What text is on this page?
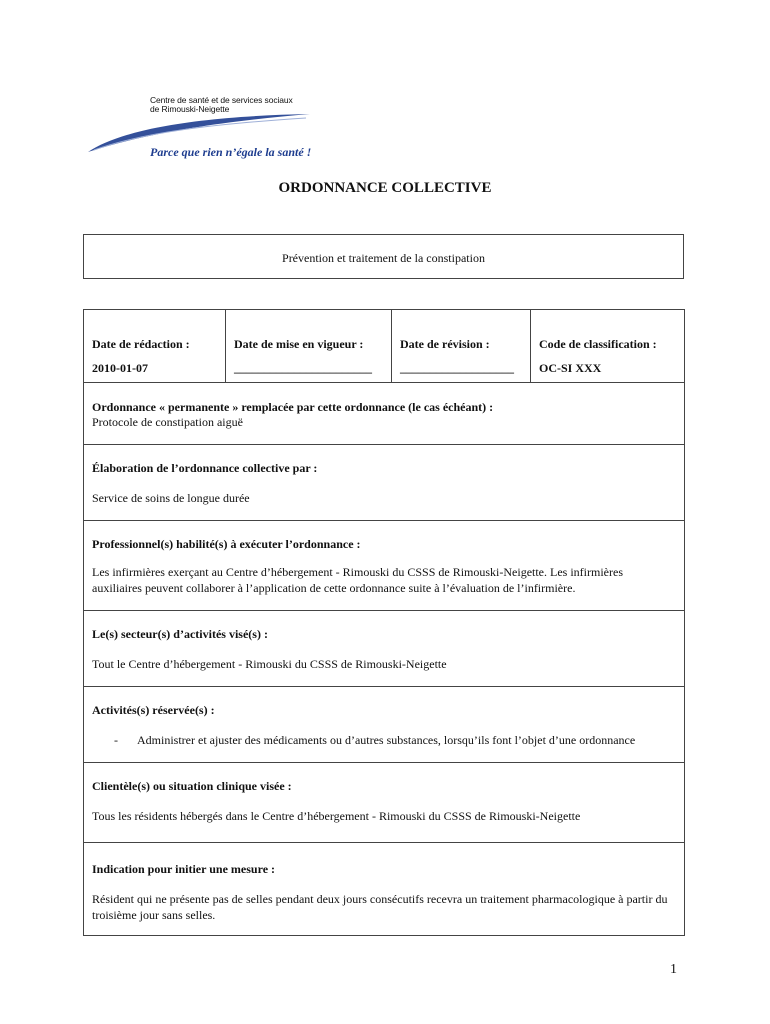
Centre de santé et de services sociaux
de Rimouski-Neigette
Parce que rien n’égale la santé !
ORDONNANCE COLLECTIVE
Prévention et traitement de la constipation
Date de rédaction :
2010-01-07
Date de mise en vigueur :
_______________________
Date de révision :
___________________
Code de classification :
OC-SI XXX
Ordonnance « permanente » remplacée par cette ordonnance (le cas échéant) :
Protocole de constipation aiguë
Élaboration de l’ordonnance collective par :
Service de soins de longue durée
Professionnel(s) habilité(s) à exécuter l’ordonnance :
Les infirmières exerçant au Centre d’hébergement - Rimouski du CSSS de Rimouski-Neigette. Les infirmières auxiliaires peuvent collaborer à l’application de cette ordonnance suite à l’évaluation de l’infirmière.
Le(s) secteur(s) d’activités visé(s) :
Tout le Centre d’hébergement - Rimouski du CSSS de Rimouski-Neigette
Activités(s) réservée(s) :
- Administrer et ajuster des médicaments ou d’autres substances, lorsqu’ils font l’objet d’une ordonnance
Clientèle(s) ou situation clinique visée :
Tous les résidents hébergés dans le Centre d’hébergement - Rimouski du CSSS de Rimouski-Neigette
Indication pour initier une mesure :
Résident qui ne présente pas de selles pendant deux jours consécutifs recevra un traitement pharmacologique à partir du troisième jour sans selles.
1
